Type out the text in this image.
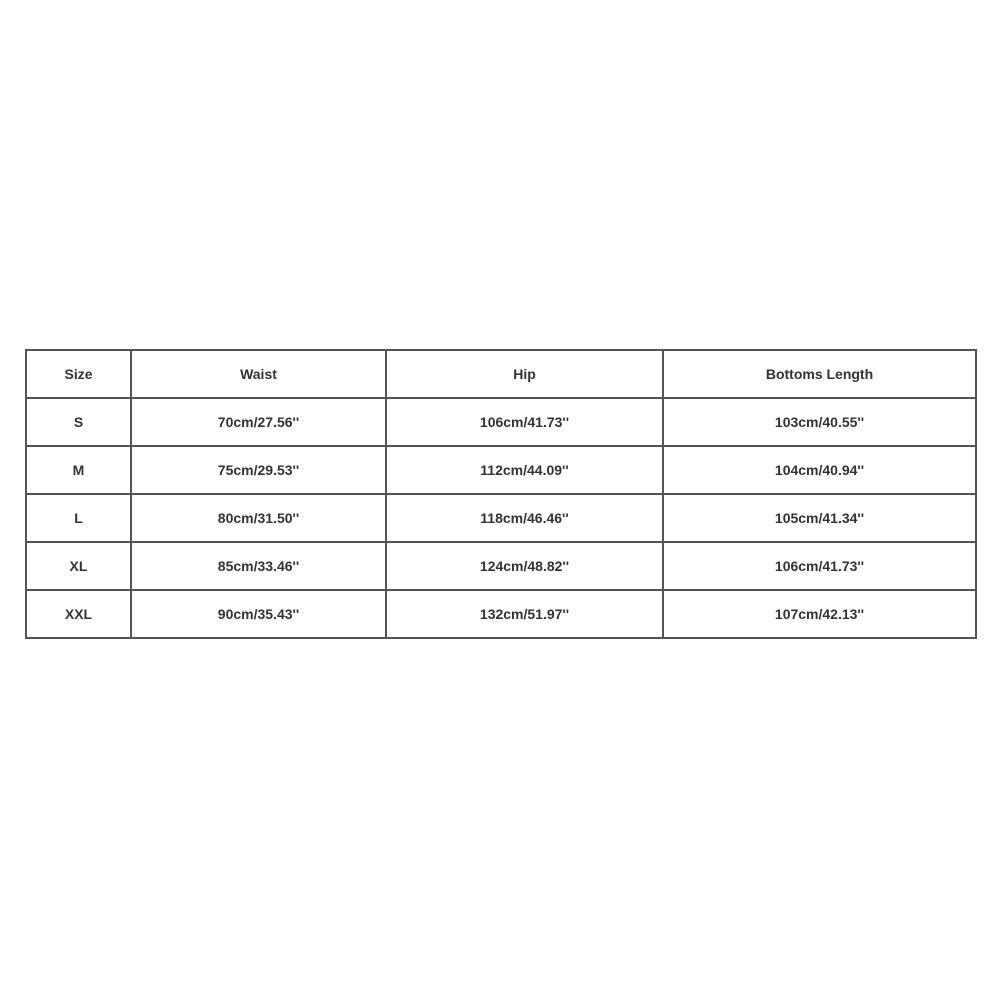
Size	Waist	Hip	Bottoms Length
S	70cm/27.56''	106cm/41.73''	103cm/40.55''
M	75cm/29.53''	112cm/44.09''	104cm/40.94''
L	80cm/31.50''	118cm/46.46''	105cm/41.34''
XL	85cm/33.46''	124cm/48.82''	106cm/41.73''
XXL	90cm/35.43''	132cm/51.97''	107cm/42.13''
